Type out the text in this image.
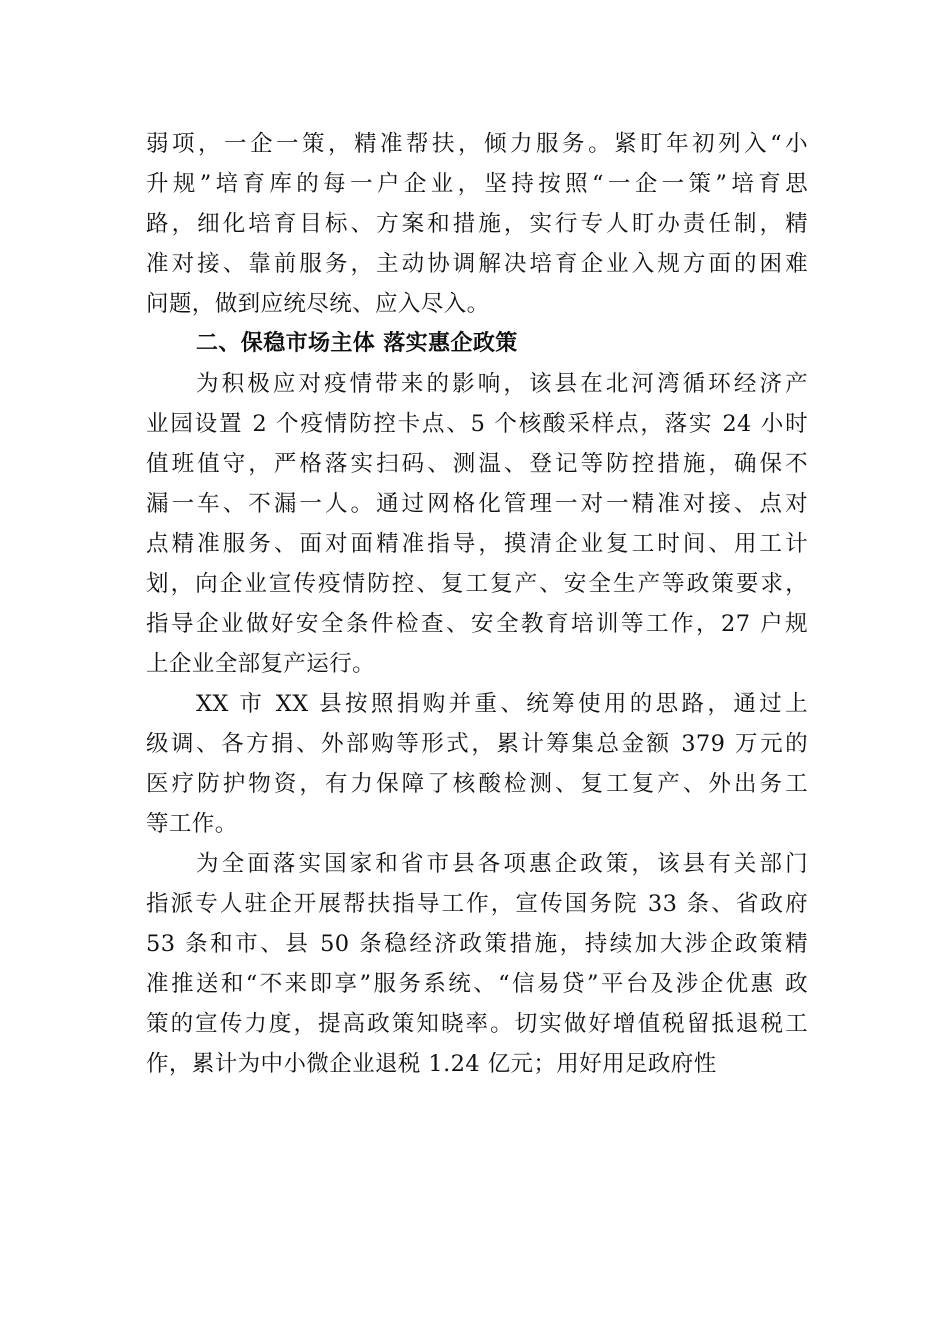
弱项，一企一策，精准帮扶，倾力服务。紧盯年初列入“小
升规”培育库的每一户企业，坚持按照“一企一策”培育思
路，细化培育目标、方案和措施，实行专人盯办责任制，精
准对接、靠前服务，主动协调解决培育企业入规方面的困难
问题，做到应统尽统、应入尽入。
二、保稳市场主体 落实惠企政策
为积极应对疫情带来的影响，该县在北河湾循环经济产
业园设置 2 个疫情防控卡点、5 个核酸采样点，落实 24 小时
值班值守，严格落实扫码、测温、登记等防控措施，确保不
漏一车、不漏一人。通过网格化管理一对一精准对接、点对
点精准服务、面对面精准指导，摸清企业复工时间、用工计
划，向企业宣传疫情防控、复工复产、安全生产等政策要求，
指导企业做好安全条件检查、安全教育培训等工作，27 户规
上企业全部复产运行。
XX 市 XX 县按照捐购并重、统筹使用的思路，通过上
级调、各方捐、外部购等形式，累计筹集总金额 379 万元的
医疗防护物资，有力保障了核酸检测、复工复产、外出务工
等工作。
为全面落实国家和省市县各项惠企政策，该县有关部门
指派专人驻企开展帮扶指导工作，宣传国务院 33 条、省政府
53 条和市、县 50 条稳经济政策措施，持续加大涉企政策精
准推送和“不来即享”服务系统、“信易贷”平台及涉企优惠 政
策的宣传力度，提高政策知晓率。切实做好增值税留抵退税工
作，累计为中小微企业退税 1.24 亿元；用好用足政府性
